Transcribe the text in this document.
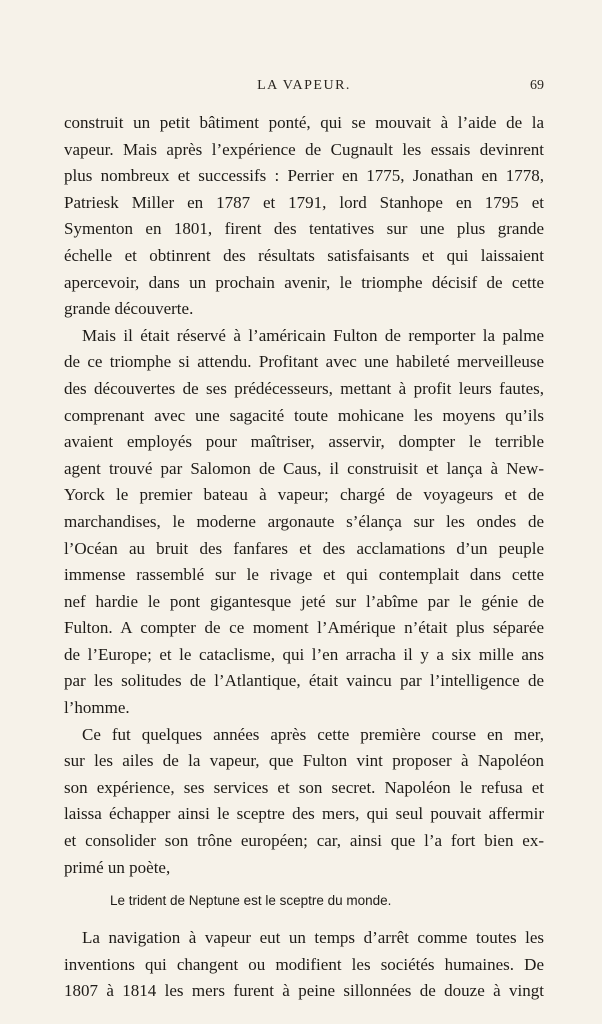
LA VAPEUR.	69
construit un petit bâtiment ponté, qui se mouvait à l’aide de la
vapeur. Mais après l’expérience de Cugnault les essais devinrent
plus nombreux et successifs : Perrier en 1775, Jonathan en 1778,
Patriesk Miller en 1787 et 1791, lord Stanhope en 1795 et
Symenton en 1801, firent des tentatives sur une plus grande
échelle et obtinrent des résultats satisfaisants et qui laissaient
apercevoir, dans un prochain avenir, le triomphe décisif de cette
grande découverte.
Mais il était réservé à l’américain Fulton de remporter la palme
de ce triomphe si attendu. Profitant avec une habileté merveilleuse
des découvertes de ses prédécesseurs, mettant à profit leurs fautes,
comprenant avec une sagacité toute mohicane les moyens qu’ils
avaient employés pour maîtriser, asservir, dompter le terrible
agent trouvé par Salomon de Caus, il construisit et lança à New-
Yorck le premier bateau à vapeur; chargé de voyageurs et de
marchandises, le moderne argonaute s’élança sur les ondes de
l’Océan au bruit des fanfares et des acclamations d’un peuple
immense rassemblé sur le rivage et qui contemplait dans cette
nef hardie le pont gigantesque jeté sur l’abîme par le génie de
Fulton. A compter de ce moment l’Amérique n’était plus séparée
de l’Europe; et le cataclisme, qui l’en arracha il y a six mille ans
par les solitudes de l’Atlantique, était vaincu par l’intelligence de
l’homme.
Ce fut quelques années après cette première course en mer,
sur les ailes de la vapeur, que Fulton vint proposer à Napoléon
son expérience, ses services et son secret. Napoléon le refusa et
laissa échapper ainsi le sceptre des mers, qui seul pouvait affermir
et consolider son trône européen; car, ainsi que l’a fort bien ex-
primé un poète,
Le trident de Neptune est le sceptre du monde.
La navigation à vapeur eut un temps d’arrêt comme toutes les
inventions qui changent ou modifient les sociétés humaines. De
1807 à 1814 les mers furent à peine sillonnées de douze à vingt
